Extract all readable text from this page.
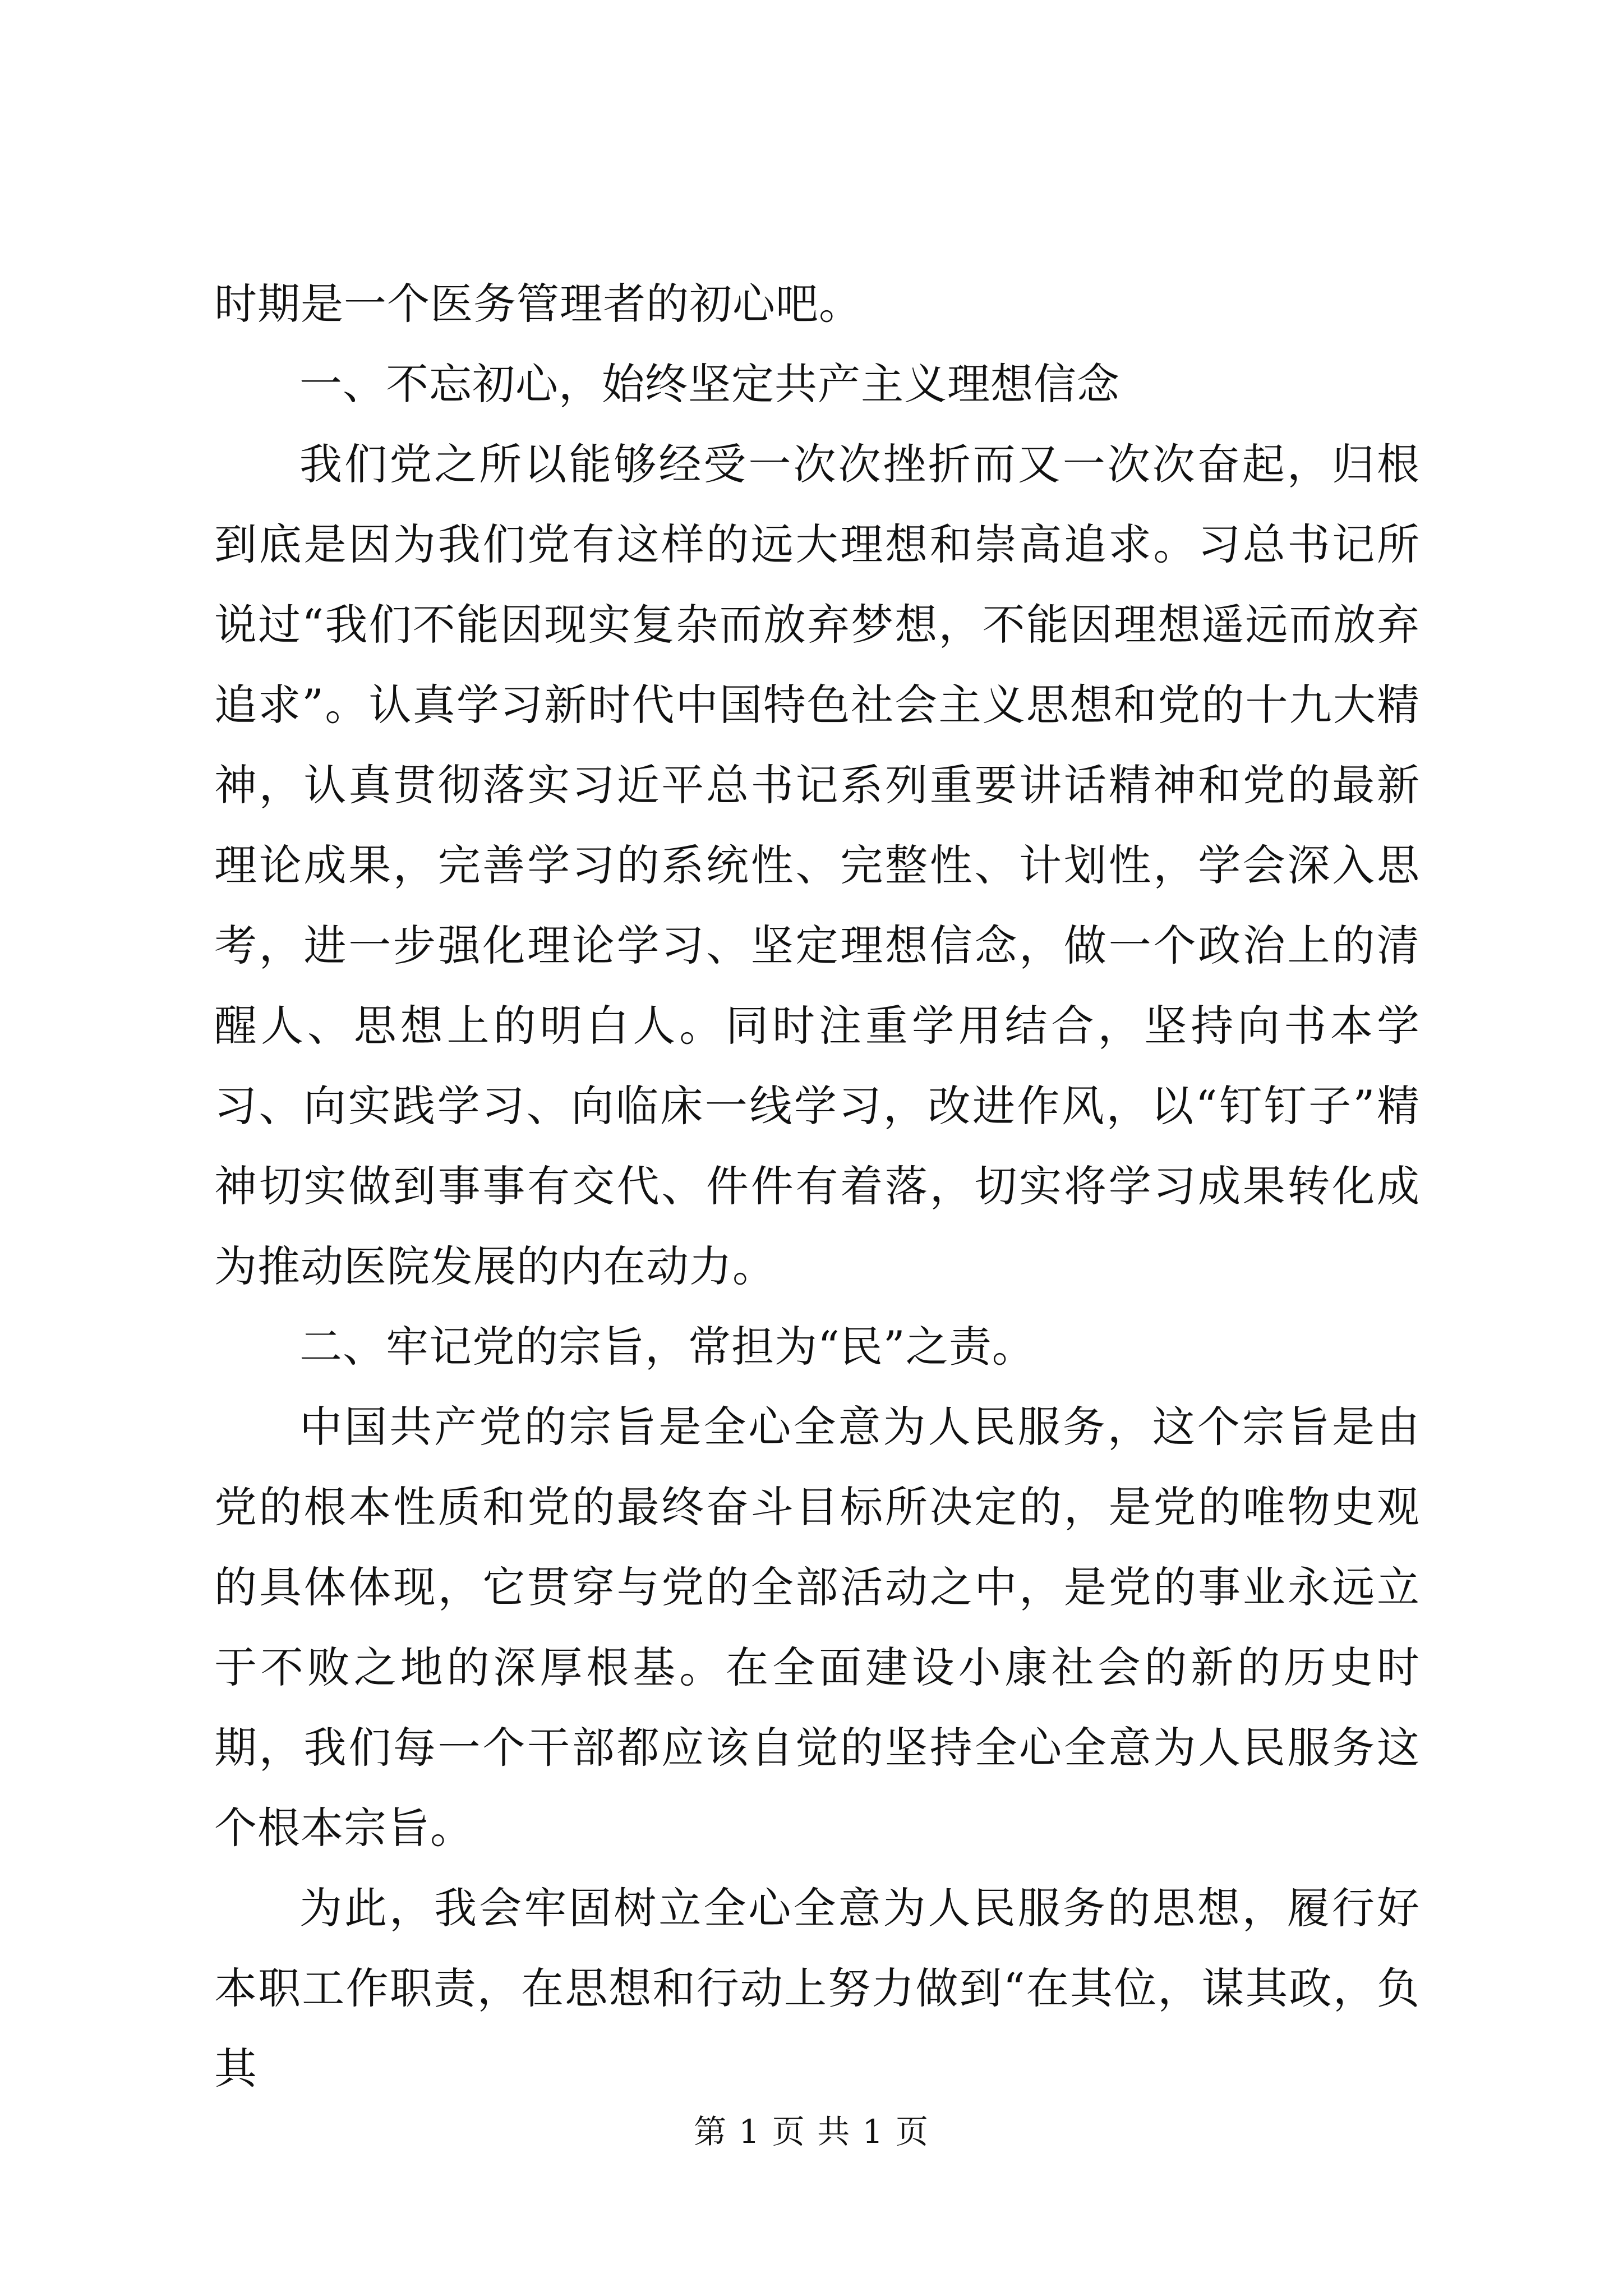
时期是一个医务管理者的初心吧。

一、不忘初心，始终坚定共产主义理想信念

我们党之所以能够经受一次次挫折而又一次次奋起，归根到底是因为我们党有这样的远大理想和崇高追求。习总书记所说过“我们不能因现实复杂而放弃梦想，不能因理想遥远而放弃追求”。认真学习新时代中国特色社会主义思想和党的十九大精神，认真贯彻落实习近平总书记系列重要讲话精神和党的最新理论成果，完善学习的系统性、完整性、计划性，学会深入思考，进一步强化理论学习、坚定理想信念，做一个政治上的清醒人、思想上的明白人。同时注重学用结合，坚持向书本学习、向实践学习、向临床一线学习，改进作风，以“钉钉子”精神切实做到事事有交代、件件有着落，切实将学习成果转化成为推动医院发展的内在动力。

二、牢记党的宗旨，常担为“民”之责。

中国共产党的宗旨是全心全意为人民服务，这个宗旨是由党的根本性质和党的最终奋斗目标所决定的，是党的唯物史观的具体体现，它贯穿与党的全部活动之中，是党的事业永远立于不败之地的深厚根基。在全面建设小康社会的新的历史时期，我们每一个干部都应该自觉的坚持全心全意为人民服务这个根本宗旨。

为此，我会牢固树立全心全意为人民服务的思想，履行好本职工作职责，在思想和行动上努力做到“在其位，谋其政，负其

第 1 页 共 1 页
